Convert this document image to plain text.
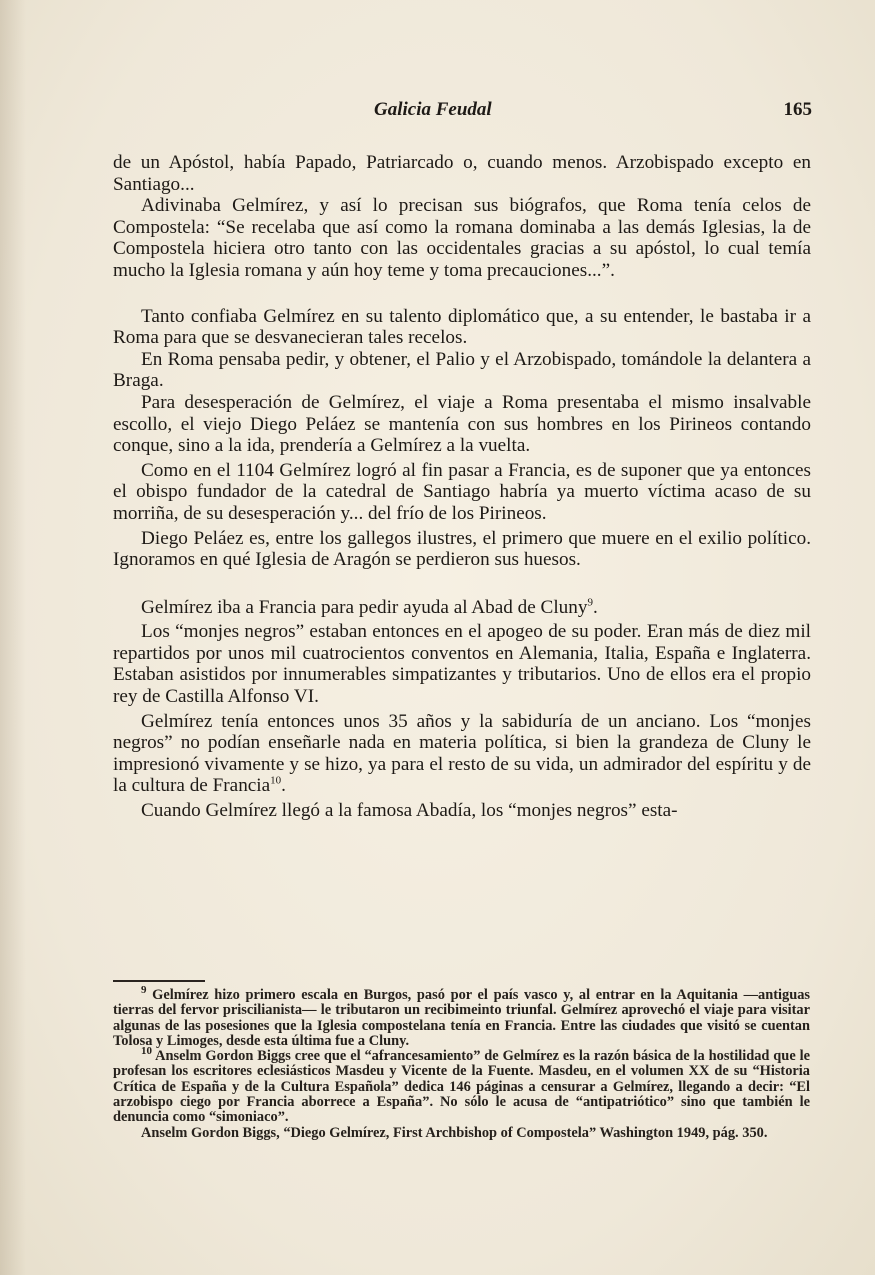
Galicia Feudal	165

de un Apóstol, había Papado, Patriarcado o, cuando menos. Arzobispado excepto en Santiago...

Adivinaba Gelmírez, y así lo precisan sus biógrafos, que Roma tenía celos de Compostela: “Se recelaba que así como la romana dominaba a las demás Iglesias, la de Compostela hiciera otro tanto con las occidentales gracias a su apóstol, lo cual temía mucho la Iglesia romana y aún hoy teme y toma precauciones...”.

Tanto confiaba Gelmírez en su talento diplomático que, a su entender, le bastaba ir a Roma para que se desvanecieran tales recelos.

En Roma pensaba pedir, y obtener, el Palio y el Arzobispado, tomándole la delantera a Braga.

Para desesperación de Gelmírez, el viaje a Roma presentaba el mismo insalvable escollo, el viejo Diego Peláez se mantenía con sus hombres en los Pirineos contando conque, sino a la ida, prendería a Gelmírez a la vuelta.

Como en el 1104 Gelmírez logró al fin pasar a Francia, es de suponer que ya entonces el obispo fundador de la catedral de Santiago habría ya muerto víctima acaso de su morriña, de su desesperación y... del frío de los Pirineos.

Diego Peláez es, entre los gallegos ilustres, el primero que muere en el exilio político. Ignoramos en qué Iglesia de Aragón se perdieron sus huesos.

Gelmírez iba a Francia para pedir ayuda al Abad de Cluny$^9$.

Los “monjes negros” estaban entonces en el apogeo de su poder. Eran más de diez mil repartidos por unos mil cuatrocientos conventos en Alemania, Italia, España e Inglaterra. Estaban asistidos por innumerables simpatizantes y tributarios. Uno de ellos era el propio rey de Castilla Alfonso VI.

Gelmírez tenía entonces unos 35 años y la sabiduría de un anciano. Los “monjes negros” no podían enseñarle nada en materia política, si bien la grandeza de Cluny le impresionó vivamente y se hizo, ya para el resto de su vida, un admirador del espíritu y de la cultura de Francia$^{10}$.

Cuando Gelmírez llegó a la famosa Abadía, los “monjes negros” esta-

$^9$ Gelmírez hizo primero escala en Burgos, pasó por el país vasco y, al entrar en la Aquitania —antiguas tierras del fervor priscilianista— le tributaron un recibimeinto triunfal. Gelmírez aprovechó el viaje para visitar algunas de las posesiones que la Iglesia compostelana tenía en Francia. Entre las ciudades que visitó se cuentan Tolosa y Limoges, desde esta última fue a Cluny.

$^{10}$ Anselm Gordon Biggs cree que el “afrancesamiento” de Gelmírez es la razón básica de la hostilidad que le profesan los escritores eclesiásticos Masdeu y Vicente de la Fuente. Masdeu, en el volumen XX de su “Historia Crítica de España y de la Cultura Española” dedica 146 páginas a censurar a Gelmírez, llegando a decir: “El arzobispo ciego por Francia aborrece a España”. No sólo le acusa de “antipatriótico” sino que también le denuncia como “simoniaco”.

Anselm Gordon Biggs, “Diego Gelmírez, First Archbishop of Compostela” Washington 1949, pág. 350.
